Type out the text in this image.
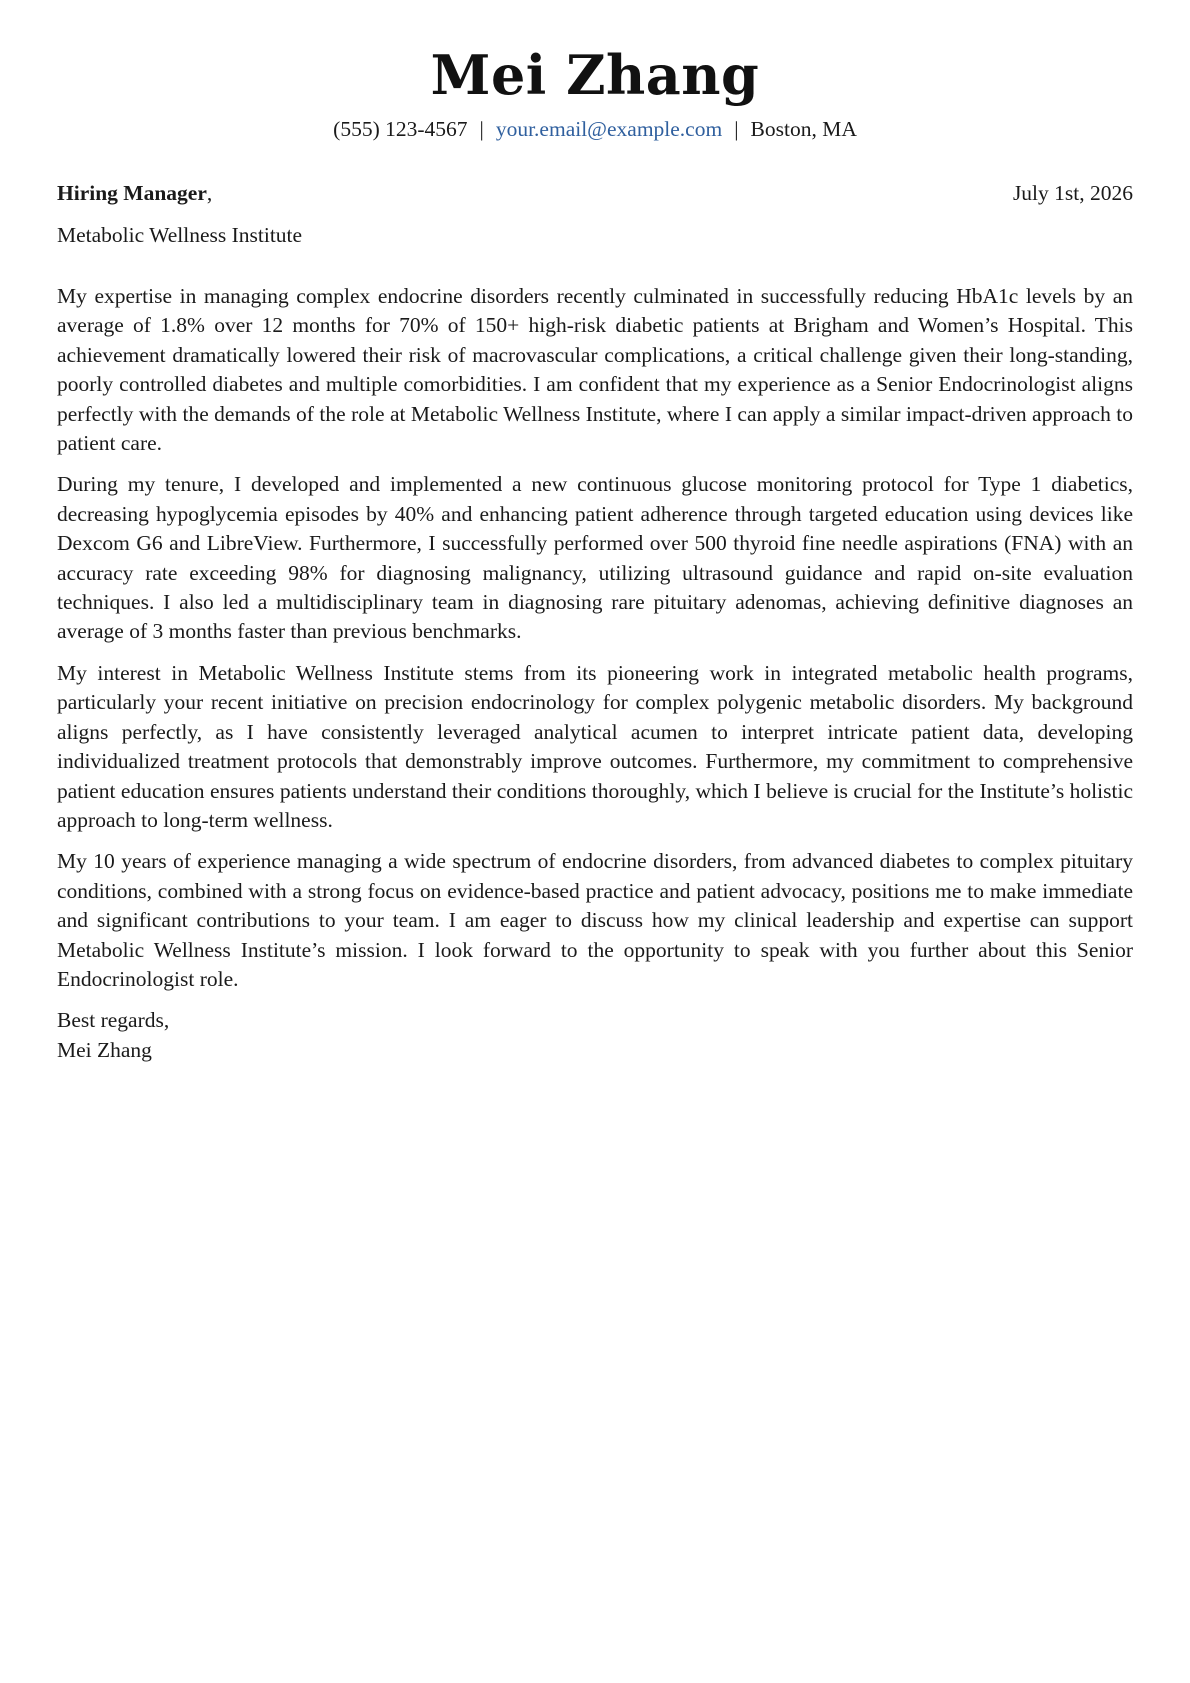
Mei Zhang
(555) 123-4567 | your.email@example.com | Boston, MA
Hiring Manager,	July 1st, 2026
Metabolic Wellness Institute

My expertise in managing complex endocrine disorders recently culminated in successfully reducing HbA1c levels by an average of 1.8% over 12 months for 70% of 150+ high-risk diabetic patients at Brigham and Women’s Hospital. This achievement dramatically lowered their risk of macrovascular complications, a critical challenge given their long-standing, poorly controlled diabetes and multiple comorbidities. I am confident that my experience as a Senior Endocrinologist aligns perfectly with the demands of the role at Metabolic Wellness Institute, where I can apply a similar impact-driven approach to patient care.

During my tenure, I developed and implemented a new continuous glucose monitoring protocol for Type 1 diabetics, decreasing hypoglycemia episodes by 40% and enhancing patient adherence through targeted education using devices like Dexcom G6 and LibreView. Furthermore, I successfully performed over 500 thyroid fine needle aspirations (FNA) with an accuracy rate exceeding 98% for diagnosing malignancy, utilizing ultrasound guidance and rapid on-site evaluation techniques. I also led a multidisciplinary team in diagnosing rare pituitary adenomas, achieving definitive diagnoses an average of 3 months faster than previous benchmarks.

My interest in Metabolic Wellness Institute stems from its pioneering work in integrated metabolic health programs, particularly your recent initiative on precision endocrinology for complex polygenic metabolic disorders. My background aligns perfectly, as I have consistently leveraged analytical acumen to interpret intricate patient data, developing individualized treatment protocols that demonstrably improve outcomes. Furthermore, my commitment to comprehensive patient education ensures patients understand their conditions thoroughly, which I believe is crucial for the Institute’s holistic approach to long-term wellness.

My 10 years of experience managing a wide spectrum of endocrine disorders, from advanced diabetes to complex pituitary conditions, combined with a strong focus on evidence-based practice and patient advocacy, positions me to make immediate and significant contributions to your team. I am eager to discuss how my clinical leadership and expertise can support Metabolic Wellness Institute’s mission. I look forward to the opportunity to speak with you further about this Senior Endocrinologist role.

Best regards,
Mei Zhang
